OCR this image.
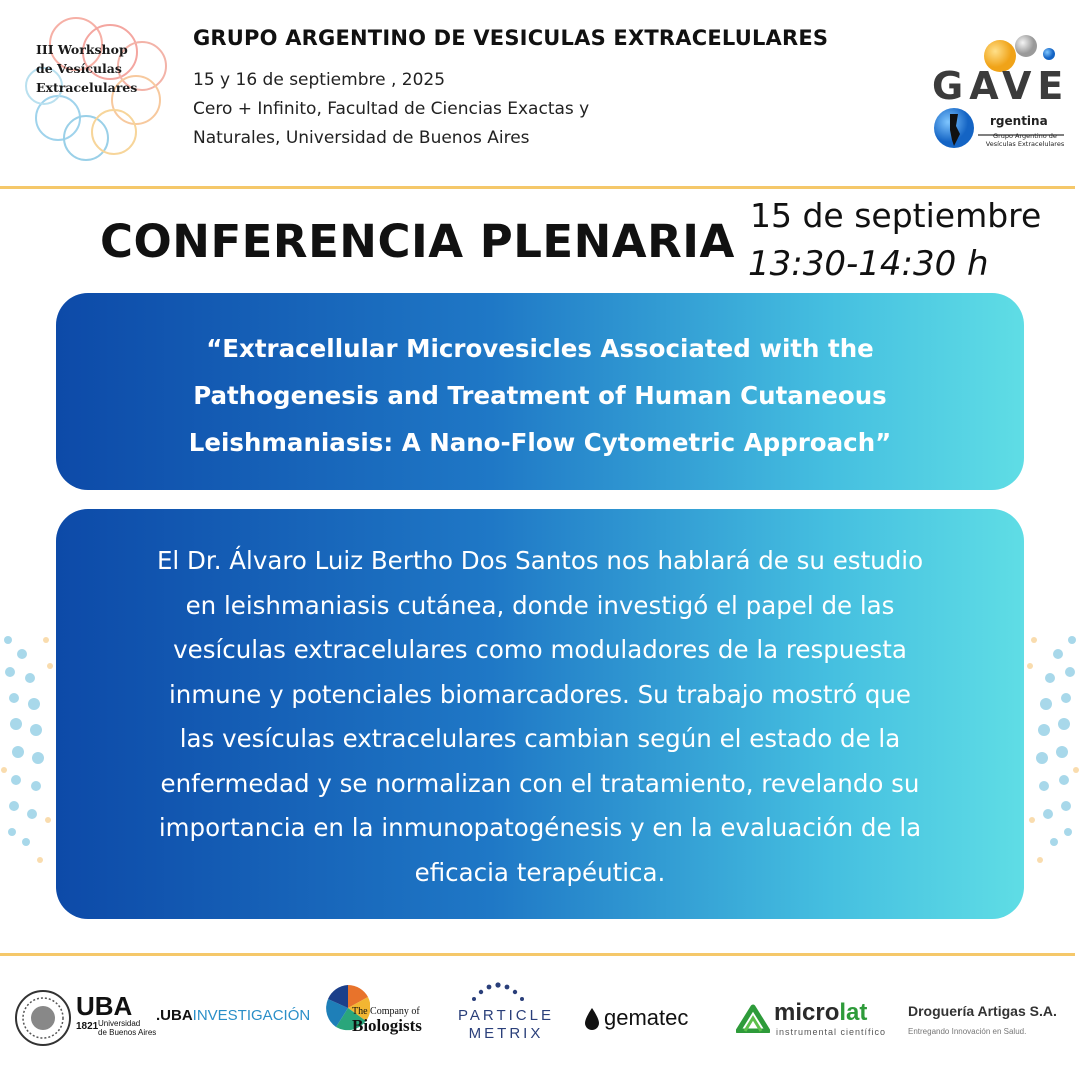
III Workshop
de Vesículas
Extracelulares
GRUPO ARGENTINO DE VESICULAS EXTRACELULARES
15 y 16 de septiembre , 2025
Cero + Infinito, Facultad de Ciencias Exactas y
Naturales, Universidad de Buenos Aires
GAVE
rgentina
Grupo Argentino de
Vesículas Extracelulares
CONFERENCIA PLENARIA 15 de septiembre
13:30-14:30 h
“Extracellular Microvesicles Associated with the
Pathogenesis and Treatment of Human Cutaneous
Leishmaniasis: A Nano-Flow Cytometric Approach”
El Dr. Álvaro Luiz Bertho Dos Santos nos hablará de su estudio
en leishmaniasis cutánea, donde investigó el papel de las
vesículas extracelulares como moduladores de la respuesta
inmune y potenciales biomarcadores. Su trabajo mostró que
las vesículas extracelulares cambian según el estado de la
enfermedad y se normalizan con el tratamiento, revelando su
importancia en la inmunopatogénesis y en la evaluación de la
eficacia terapéutica.
UBA
1821 Universidad
de Buenos Aires
.UBAINVESTIGACIÓN	The Company of
Biologists
PARTICLE
METRIX
gematec	microlat
instrumental científico
Droguería Artigas S.A.
Entregando Innovación en Salud.
